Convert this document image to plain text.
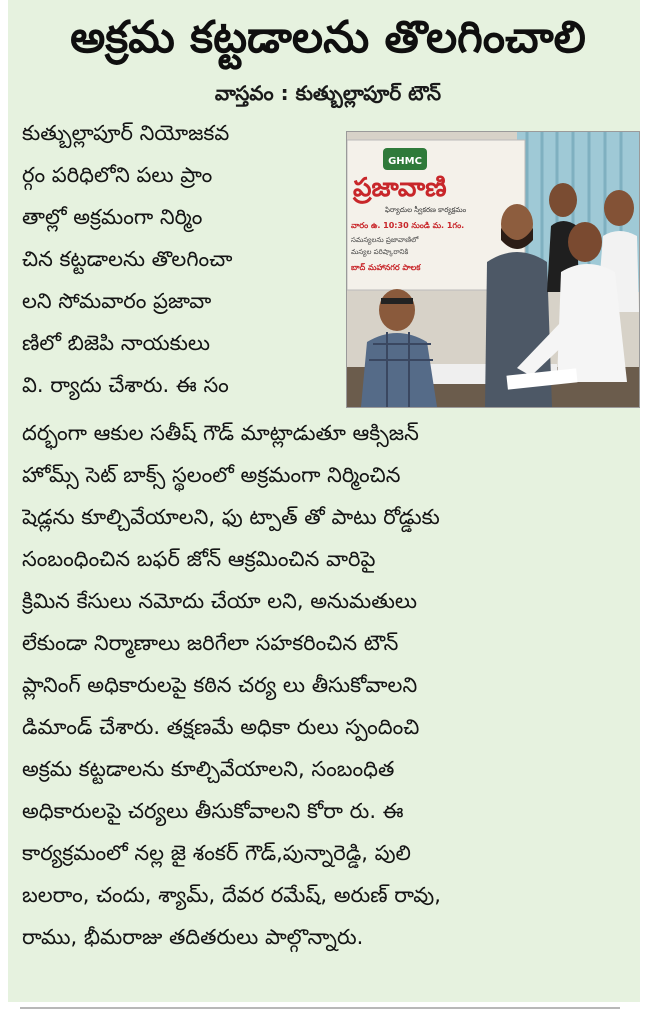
అక్రమ కట్టడాలను తొలగించాలి
వాస్తవం : కుత్బుల్లాపూర్ టౌన్
కుత్బుల్లాపూర్ నియోజకవ
ర్గం పరిధిలోని పలు ప్రాం
తాల్లో అక్రమంగా నిర్మిం
చిన కట్టడాలను తొలగించా
లని సోమవారం ప్రజావా
ణిలో బిజెపి నాయకులు
వి. ర్యాదు చేశారు. ఈ సం
దర్భంగా ఆకుల సతీష్ గౌడ్ మాట్లాడుతూ ఆక్సిజన్
హోమ్స్ సెట్ బాక్స్ స్థలంలో అక్రమంగా నిర్మించిన
షెడ్లను కూల్చివేయాలని, ఫు ట్పాత్ తో పాటు రోడ్డుకు
సంబంధించిన బఫర్ జోన్ ఆక్రమించిన వారిపై
క్రిమిన కేసులు నమోదు చేయా లని, అనుమతులు
లేకుండా నిర్మాణాలు జరిగేలా సహకరించిన టౌన్
ప్లానింగ్ అధికారులపై కఠిన చర్య లు తీసుకోవాలని
డిమాండ్ చేశారు. తక్షణమే అధికా రులు స్పందించి
అక్రమ కట్టడాలను కూల్చివేయాలని, సంబంధిత
అధికారులపై చర్యలు తీసుకోవాలని కోరా రు. ఈ
కార్యక్రమంలో నల్ల జై శంకర్ గౌడ్,పున్నారెడ్డి, పులి
బలరాం, చందు, శ్యామ్, దేవర రమేష్, అరుణ్ రావు,
రాము, భీమరాజు తదితరులు పాల్గొన్నారు.
GHMC
ప్రజావాణి
ఫిర్యాదుల స్వీకరణ కార్యక్రమం
వారం ఉ. 10:30 నుండి మ. 1గం.
సమస్యలను ప్రజావాణిలో
మస్యల పరిష్కారానికి
బాద్ మహానగర పాలక
